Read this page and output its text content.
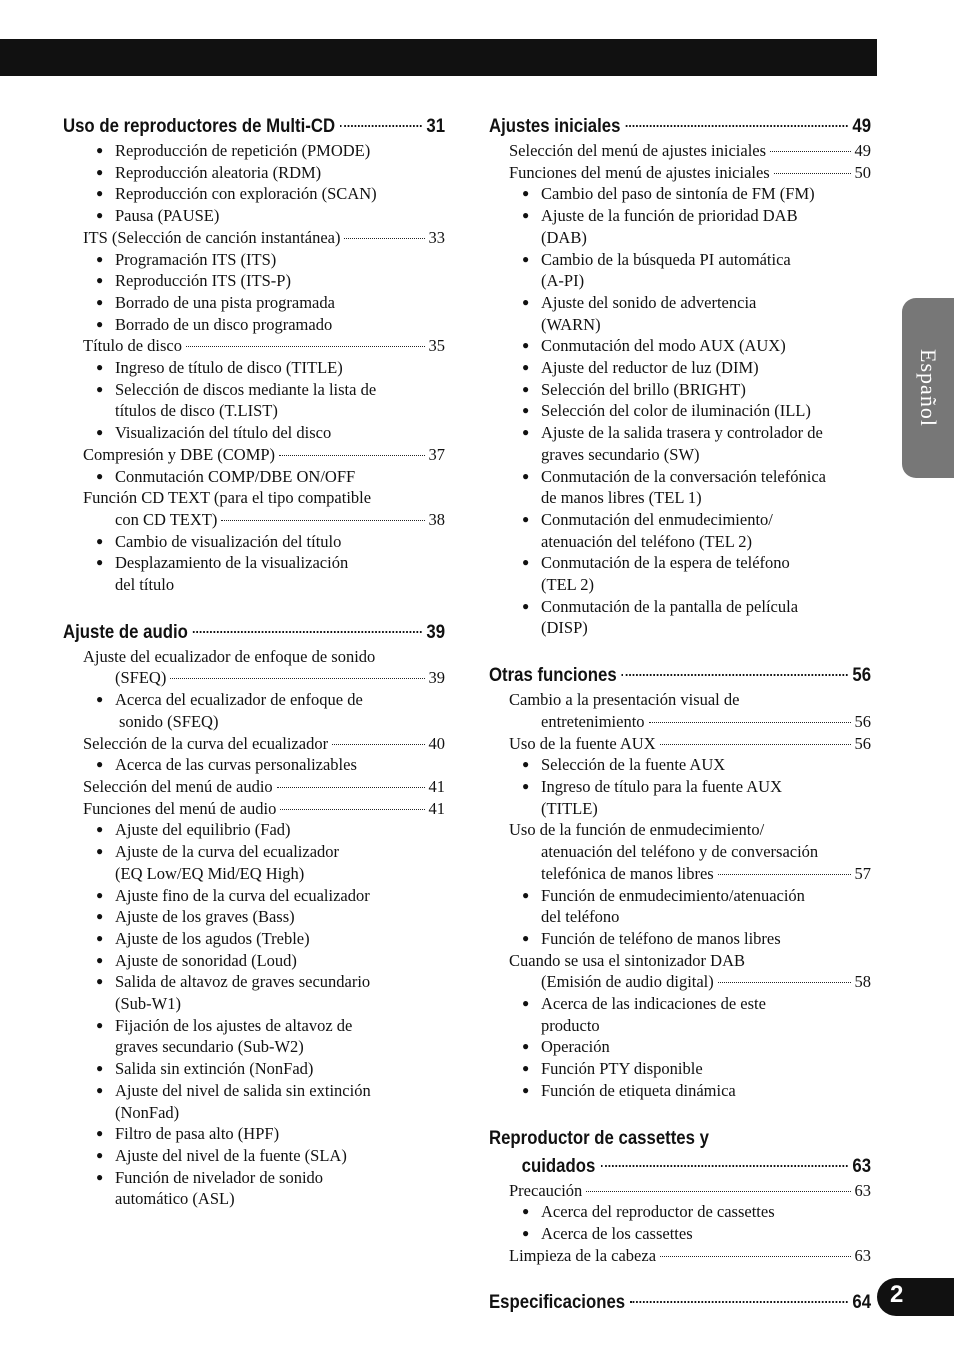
Uso de reproductores de Multi-CD	31
● Reproducción de repetición (PMODE)
● Reproducción aleatoria (RDM)
● Reproducción con exploración (SCAN)
● Pausa (PAUSE)
ITS (Selección de canción instantánea)	33
● Programación ITS (ITS)
● Reproducción ITS (ITS-P)
● Borrado de una pista programada
● Borrado de un disco programado
Título de disco	35
● Ingreso de título de disco (TITLE)
● Selección de discos mediante la lista de
títulos de disco (T.LIST)
● Visualización del título del disco
Compresión y DBE (COMP)	37
● Conmutación COMP/DBE ON/OFF
Función CD TEXT (para el tipo compatible
con CD TEXT)	38
● Cambio de visualización del título
● Desplazamiento de la visualización
del título
Ajuste de audio	39
Ajuste del ecualizador de enfoque de sonido
(SFEQ)	39
● Acerca del ecualizador de enfoque de
sonido (SFEQ)
Selección de la curva del ecualizador	40
● Acerca de las curvas personalizables
Selección del menú de audio	41
Funciones del menú de audio	41
● Ajuste del equilibrio (Fad)
● Ajuste de la curva del ecualizador
(EQ Low/EQ Mid/EQ High)
● Ajuste fino de la curva del ecualizador
● Ajuste de los graves (Bass)
● Ajuste de los agudos (Treble)
● Ajuste de sonoridad (Loud)
● Salida de altavoz de graves secundario
(Sub-W1)
● Fijación de los ajustes de altavoz de
graves secundario (Sub-W2)
● Salida sin extinción (NonFad)
● Ajuste del nivel de salida sin extinción
(NonFad)
● Filtro de pasa alto (HPF)
● Ajuste del nivel de la fuente (SLA)
● Función de nivelador de sonido
automático (ASL)
Ajustes iniciales	49
Selección del menú de ajustes iniciales	49
Funciones del menú de ajustes iniciales	50
● Cambio del paso de sintonía de FM (FM)
● Ajuste de la función de prioridad DAB
(DAB)
● Cambio de la búsqueda PI automática
(A-PI)
● Ajuste del sonido de advertencia
(WARN)
● Conmutación del modo AUX (AUX)
● Ajuste del reductor de luz (DIM)
● Selección del brillo (BRIGHT)
● Selección del color de iluminación (ILL)
● Ajuste de la salida trasera y controlador de
graves secundario (SW)
● Conmutación de la conversación telefónica
de manos libres (TEL 1)
● Conmutación del enmudecimiento/
atenuación del teléfono (TEL 2)
● Conmutación de la espera de teléfono
(TEL 2)
● Conmutación de la pantalla de película
(DISP)
Otras funciones	56
Cambio a la presentación visual de
entretenimiento	56
Uso de la fuente AUX	56
● Selección de la fuente AUX
● Ingreso de título para la fuente AUX
(TITLE)
Uso de la función de enmudecimiento/
atenuación del teléfono y de conversación
telefónica de manos libres	57
● Función de enmudecimiento/atenuación
del teléfono
● Función de teléfono de manos libres
Cuando se usa el sintonizador DAB
(Emisión de audio digital)	58
● Acerca de las indicaciones de este
producto
● Operación
● Función PTY disponible
● Función de etiqueta dinámica
Reproductor de cassettes y
cuidados	63
Precaución	63
● Acerca del reproductor de cassettes
● Acerca de los cassettes
Limpieza de la cabeza	63
Especificaciones	64
Español
2
